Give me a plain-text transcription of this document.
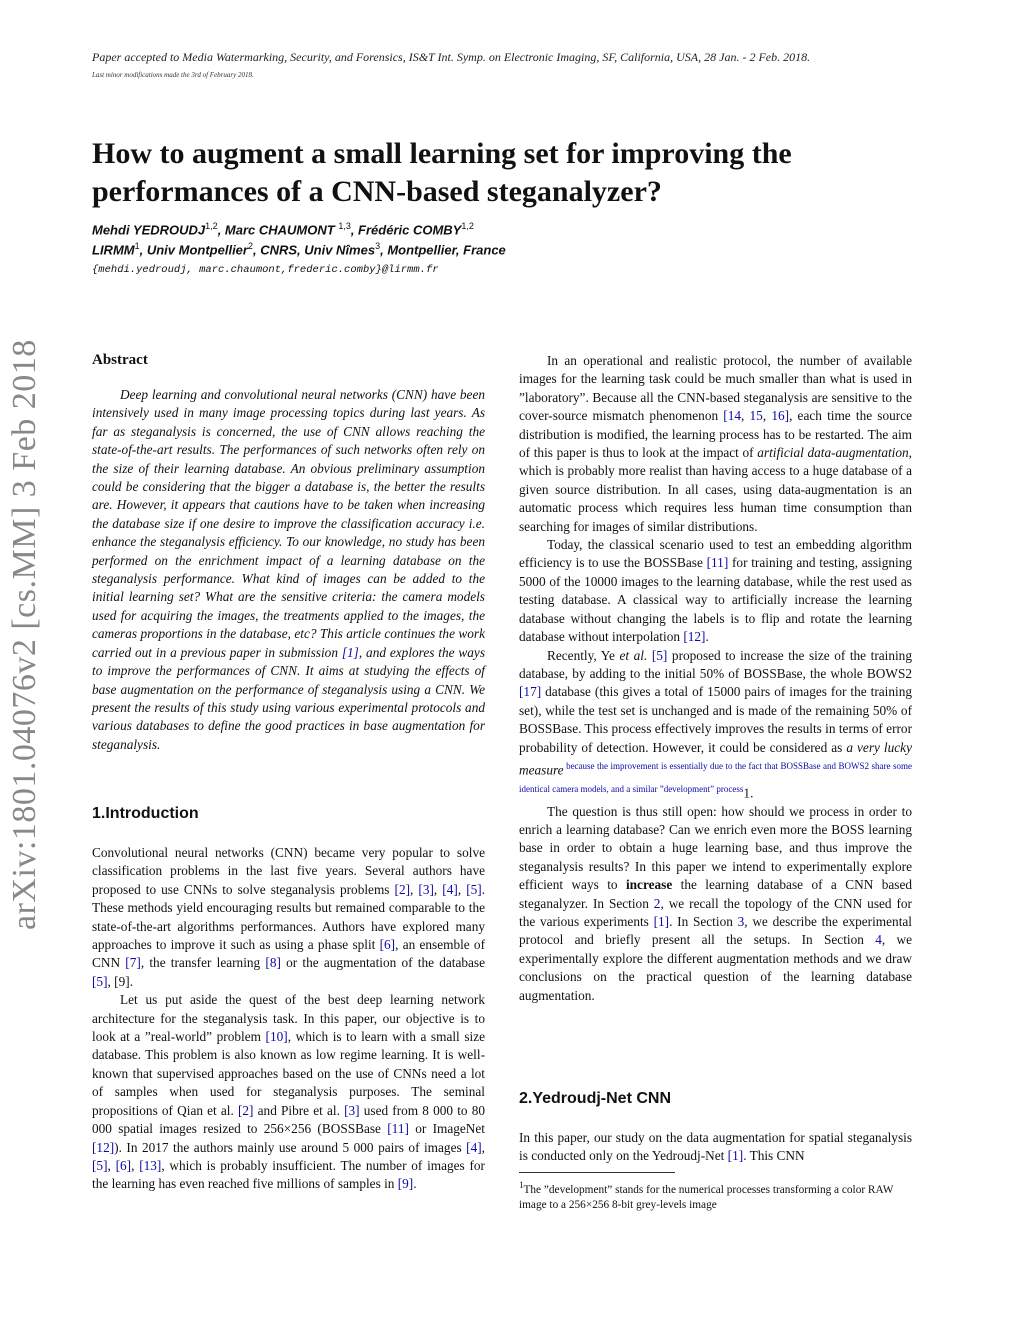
Paper accepted to Media Watermarking, Security, and Forensics, IS&T Int. Symp. on Electronic Imaging, SF, California, USA, 28 Jan. - 2 Feb. 2018.
Last minor modifications made the 3rd of February 2018.
arXiv:1801.04076v2 [cs.MM] 3 Feb 2018
How to augment a small learning set for improving the performances of a CNN-based steganalyzer?
Mehdi YEDROUDJ$^{1,2}$, Marc CHAUMONT $^{1,3}$, Frédéric COMBY$^{1,2}$
LIRMM$^1$, Univ Montpellier$^2$, CNRS, Univ Nîmes$^3$, Montpellier, France
{mehdi.yedroudj, marc.chaumont,frederic.comby}@lirmm.fr
Abstract

Deep learning and convolutional neural networks (CNN) have been intensively used in many image processing topics during last years. As far as steganalysis is concerned, the use of CNN allows reaching the state-of-the-art results. The performances of such networks often rely on the size of their learning database. An obvious preliminary assumption could be considering that the bigger a database is, the better the results are. However, it appears that cautions have to be taken when increasing the database size if one desire to improve the classification accuracy i.e. enhance the steganalysis efficiency. To our knowledge, no study has been performed on the enrichment impact of a learning database on the steganalysis performance. What kind of images can be added to the initial learning set? What are the sensitive criteria: the camera models used for acquiring the images, the treatments applied to the images, the cameras proportions in the database, etc? This article continues the work carried out in a previous paper in submission [1], and explores the ways to improve the performances of CNN. It aims at studying the effects of base augmentation on the performance of steganalysis using a CNN. We present the results of this study using various experimental protocols and various databases to define the good practices in base augmentation for steganalysis.

1.Introduction

Convolutional neural networks (CNN) became very popular to solve classification problems in the last five years. Several authors have proposed to use CNNs to solve steganalysis problems [2], [3], [4], [5]. These methods yield encouraging results but remained comparable to the state-of-the-art algorithms performances. Authors have explored many approaches to improve it such as using a phase split [6], an ensemble of CNN [7], the transfer learning [8] or the augmentation of the database [5], [9].

Let us put aside the quest of the best deep learning network architecture for the steganalysis task. In this paper, our objective is to look at a ”real-world” problem [10], which is to learn with a small size database. This problem is also known as low regime learning. It is well-known that supervised approaches based on the use of CNNs need a lot of samples when used for steganalysis purposes. The seminal propositions of Qian et al. [2] and Pibre et al. [3] used from 8 000 to 80 000 spatial images resized to 256×256 (BOSSBase [11] or ImageNet [12]). In 2017 the authors mainly use around 5 000 pairs of images [4], [5], [6], [13], which is probably insufficient. The number of images for the learning has even reached five millions of samples in [9].

In an operational and realistic protocol, the number of available images for the learning task could be much smaller than what is used in ”laboratory”. Because all the CNN-based steganalysis are sensitive to the cover-source mismatch phenomenon [14, 15, 16], each time the source distribution is modified, the learning process has to be restarted. The aim of this paper is thus to look at the impact of artificial data-augmentation, which is probably more realist than having access to a huge database of a given source distribution. In all cases, using data-augmentation is an automatic process which requires less human time consumption than searching for images of similar distributions.

Today, the classical scenario used to test an embedding algorithm efficiency is to use the BOSSBase [11] for training and testing, assigning 5000 of the 10000 images to the learning database, while the rest used as testing database. A classical way to artificially increase the learning database without changing the labels is to flip and rotate the learning database without interpolation [12].

Recently, Ye et al. [5] proposed to increase the size of the training database, by adding to the initial 50% of BOSSBase, the whole BOWS2 [17] database (this gives a total of 15000 pairs of images for the training set), while the test set is unchanged and is made of the remaining 50% of BOSSBase. This process effectively improves the results in terms of error probability of detection. However, it could be considered as a very lucky measure $^{because the improvement is essentially due to the fact that BOSSBase and BOWS2 share some identical camera models, and a similar ”development” process}$1.

The question is thus still open: how should we process in order to enrich a learning database? Can we enrich even more the BOSS learning base in order to obtain a huge learning base, and thus improve the steganalysis results? In this paper we intend to experimentally explore efficient ways to increase the learning database of a CNN based steganalyzer. In Section 2, we recall the topology of the CNN used for the various experiments [1]. In Section 3, we describe the experimental protocol and briefly present all the setups. In Section 4, we experimentally explore the different augmentation methods and we draw conclusions on the practical question of the learning database augmentation.

2.Yedroudj-Net CNN

In this paper, our study on the data augmentation for spatial steganalysis is conducted only on the Yedroudj-Net [1]. This CNN

$^1$The ”development” stands for the numerical processes transforming a color RAW image to a 256×256 8-bit grey-levels image
